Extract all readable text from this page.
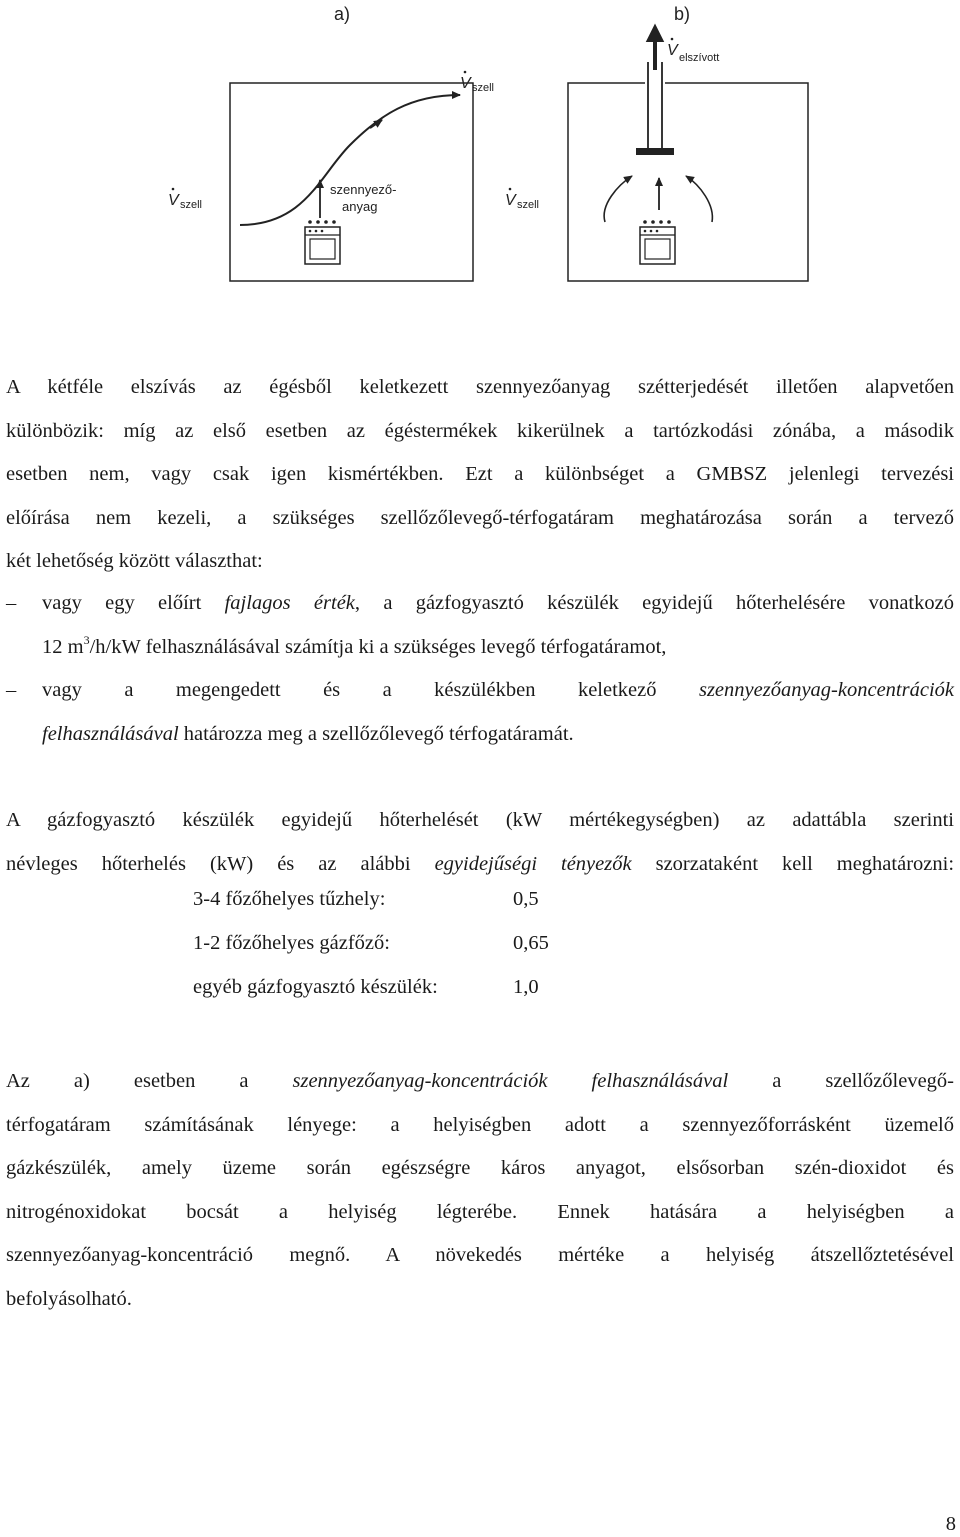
a)
V szell
V szell
szennyező-
anyag
b)
V elszívott
V szell
A kétféle elszívás az égésből keletkezett szennyezőanyag szétterjedését illetően alapvetően
különbözik: míg az első esetben az égéstermékek kikerülnek a tartózkodási zónába, a második
esetben nem, vagy csak igen kismértékben. Ezt a különbséget a GMBSZ jelenlegi tervezési
előírása nem kezeli, a szükséges szellőzőlevegő-térfogatáram meghatározása során a tervező
két lehetőség között választhat:
– vagy egy előírt fajlagos érték, a gázfogyasztó készülék egyidejű hőterhelésére vonatkozó
12 $m^3/h/kW$ felhasználásával számítja ki a szükséges levegő térfogatáramot,
– vagy a megengedett és a készülékben keletkező szennyezőanyag-koncentrációk
felhasználásával határozza meg a szellőzőlevegő térfogatáramát.
A gázfogyasztó készülék egyidejű hőterhelését (kW mértékegységben) az adattábla szerinti
névleges hőterhelés (kW) és az alábbi egyidejűségi tényezők szorzataként kell meghatározni:
3-4 főzőhelyes tűzhely:	0,5
1-2 főzőhelyes gázfőző:	0,65
egyéb gázfogyasztó készülék:	1,0
Az a) esetben a szennyezőanyag-koncentrációk felhasználásával a szellőzőlevegő-
térfogatáram számításának lényege: a helyiségben adott a szennyezőforrásként üzemelő
gázkészülék, amely üzeme során egészségre káros anyagot, elsősorban szén-dioxidot és
nitrogénoxidokat bocsát a helyiség légterébe. Ennek hatására a helyiségben a
szennyezőanyag-koncentráció megnő. A növekedés mértéke a helyiség átszellőztetésével
befolyásolható.
8
